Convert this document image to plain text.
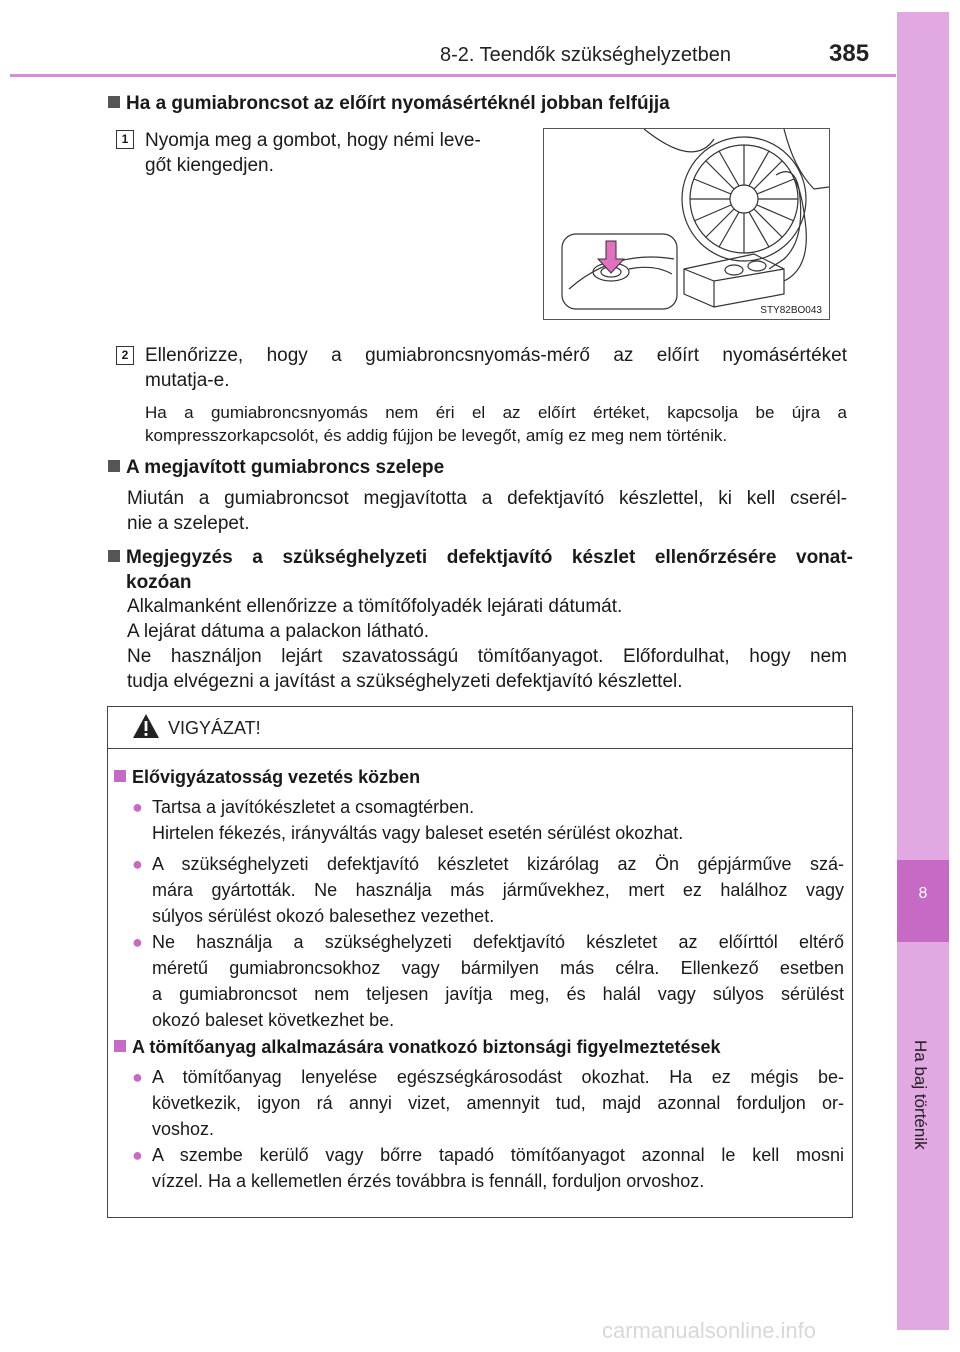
8-2. Teendők szükséghelyzetben	385
8
Ha baj történik
Ha a gumiabroncsot az előírt nyomásértéknél jobban felfújja
1 Nyomja meg a gombot, hogy némi leve-
gőt kiengedjen.
STY82BO043
2 Ellenőrizze, hogy a gumiabroncsnyomás-mérő az előírt nyomásértéket
mutatja-e.
Ha a gumiabroncsnyomás nem éri el az előírt értéket, kapcsolja be újra a
kompresszorkapcsolót, és addig fújjon be levegőt, amíg ez meg nem történik.
A megjavított gumiabroncs szelepe
Miután a gumiabroncsot megjavította a defektjavító készlettel, ki kell cserél-
nie a szelepet.
Megjegyzés a szükséghelyzeti defektjavító készlet ellenőrzésére vonat-
kozóan
Alkalmanként ellenőrizze a tömítőfolyadék lejárati dátumát.
A lejárat dátuma a palackon látható.
Ne használjon lejárt szavatosságú tömítőanyagot. Előfordulhat, hogy nem
tudja elvégezni a javítást a szükséghelyzeti defektjavító készlettel.
VIGYÁZAT!
Elővigyázatosság vezetés közben
● Tartsa a javítókészletet a csomagtérben.
Hirtelen fékezés, irányváltás vagy baleset esetén sérülést okozhat.
● A szükséghelyzeti defektjavító készletet kizárólag az Ön gépjárműve szá-
mára gyártották. Ne használja más járművekhez, mert ez halálhoz vagy
súlyos sérülést okozó balesethez vezethet.
● Ne használja a szükséghelyzeti defektjavító készletet az előírttól eltérő
méretű gumiabroncsokhoz vagy bármilyen más célra. Ellenkező esetben
a gumiabroncsot nem teljesen javítja meg, és halál vagy súlyos sérülést
okozó baleset következhet be.
A tömítőanyag alkalmazására vonatkozó biztonsági figyelmeztetések
● A tömítőanyag lenyelése egészségkárosodást okozhat. Ha ez mégis be-
következik, igyon rá annyi vizet, amennyit tud, majd azonnal forduljon or-
voshoz.
● A szembe kerülő vagy bőrre tapadó tömítőanyagot azonnal le kell mosni
vízzel. Ha a kellemetlen érzés továbbra is fennáll, forduljon orvoshoz.
carmanualsonline.info
